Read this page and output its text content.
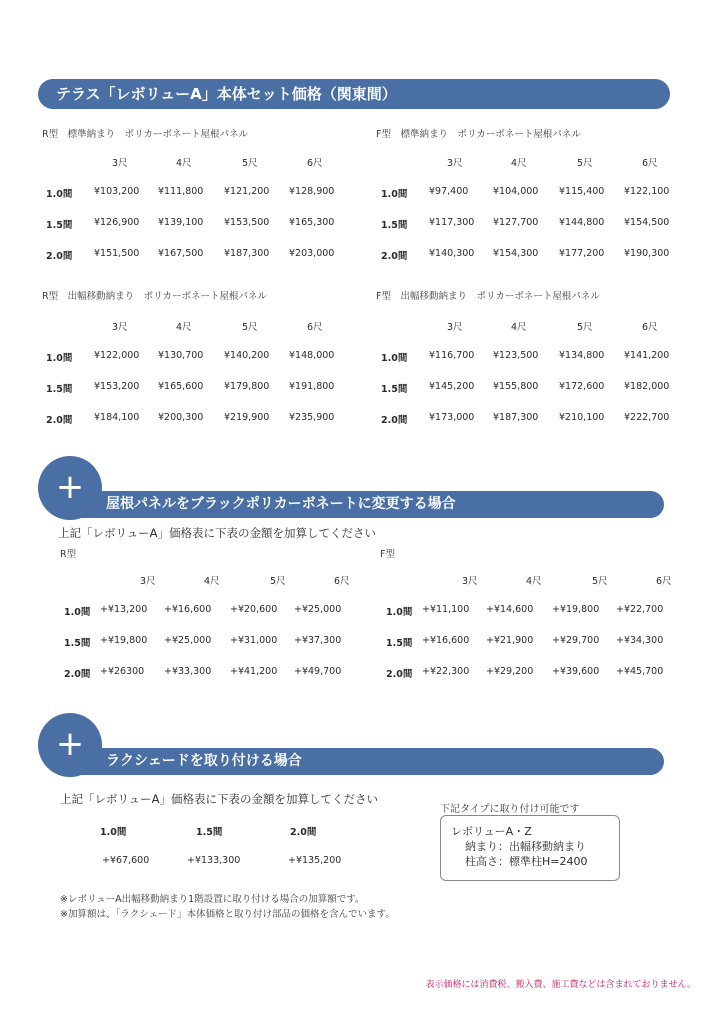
テラス「レボリューA」本体セット価格（関東間）
R型　標準納まり　ポリカーボネート屋根パネル	F型　標準納まり　ポリカーボネート屋根パネル
R型　出幅移動納まり　ポリカーボネート屋根パネル	F型　出幅移動納まり　ポリカーボネート屋根パネル
3尺	4尺	5尺	6尺
1.0間 ¥103,200 ¥111,800 ¥121,200 ¥128,900
1.5間 ¥126,900 ¥139,100 ¥153,500 ¥165,300
2.0間 ¥151,500 ¥167,500 ¥187,300 ¥203,000
3尺	4尺	5尺	6尺
1.0間 ¥97,400	¥104,000 ¥115,400 ¥122,100
1.5間 ¥117,300 ¥127,700 ¥144,800 ¥154,500
2.0間 ¥140,300 ¥154,300 ¥177,200 ¥190,300
3尺	4尺	5尺	6尺
1.0間 ¥122,000 ¥130,700 ¥140,200 ¥148,000
1.5間 ¥153,200 ¥165,600 ¥179,800 ¥191,800
2.0間 ¥184,100 ¥200,300 ¥219,900 ¥235,900
3尺	4尺	5尺	6尺
1.0間 ¥116,700 ¥123,500 ¥134,800 ¥141,200
1.5間 ¥145,200 ¥155,800 ¥172,600 ¥182,000
2.0間 ¥173,000 ¥187,300 ¥210,100 ¥222,700
屋根パネルをブラックポリカーボネートに変更する場合
+
上記「レボリューA」価格表に下表の金額を加算してください
R型	F型
3尺	4尺	5尺	6尺
1.0間 +¥13,200 +¥16,600 +¥20,600 +¥25,000
1.5間 +¥19,800 +¥25,000 +¥31,000 +¥37,300
2.0間 +¥26300 +¥33,300 +¥41,200 +¥49,700
3尺	4尺	5尺	6尺
1.0間 +¥11,100 +¥14,600 +¥19,800 +¥22,700
1.5間 +¥16,600 +¥21,900 +¥29,700 +¥34,300
2.0間 +¥22,300 +¥29,200 +¥39,600 +¥45,700
ラクシェードを取り付ける場合
+
上記「レボリューA」価格表に下表の金額を加算してください
1.0間	1.5間	2.0間
+¥67,600	+¥133,300	+¥135,200
下記タイプに取り付け可能です
レボリューA・Z
納まり：出幅移動納まり
柱高さ：標準柱H=2400
※レボリューA出幅移動納まり1階設置に取り付ける場合の加算額です。
※加算額は、「ラクシェード」本体価格と取り付け部品の価格を含んでいます。
表示価格には消費税、搬入費、施工費などは含まれておりません。
